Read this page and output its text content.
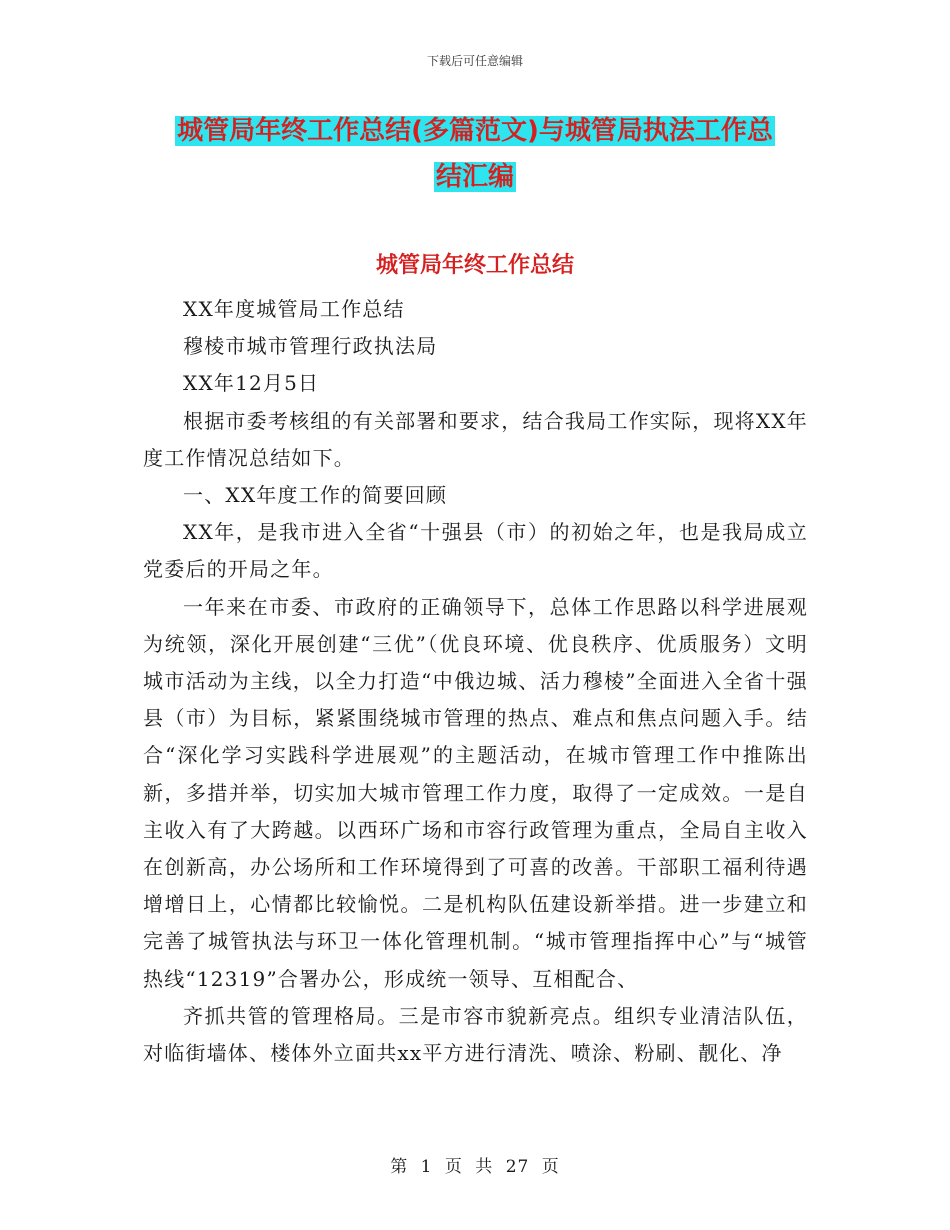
下载后可任意编辑
城管局年终工作总结(多篇范文)与城管局执法工作总
结汇编
城管局年终工作总结

XX年度城管局工作总结

穆棱市城市管理行政执法局

XX年12月5日

根据市委考核组的有关部署和要求，结合我局工作实际，现将XX年度工作情况总结如下。

一、XX年度工作的简要回顾

XX年，是我市进入全省“十强县（市）的初始之年，也是我局成立党委后的开局之年。

一年来在市委、市政府的正确领导下，总体工作思路以科学进展观为统领，深化开展创建“三优”（优良环境、优良秩序、优质服务）文明城市活动为主线，以全力打造“中俄边城、活力穆棱”全面进入全省十强县（市）为目标，紧紧围绕城市管理的热点、难点和焦点问题入手。结合“深化学习实践科学进展观”的主题活动，在城市管理工作中推陈出新，多措并举，切实加大城市管理工作力度，取得了一定成效。一是自主收入有了大跨越。以西环广场和市容行政管理为重点，全局自主收入在创新高，办公场所和工作环境得到了可喜的改善。干部职工福利待遇增增日上，心情都比较愉悦。二是机构队伍建设新举措。进一步建立和完善了城管执法与环卫一体化管理机制。“城市管理指挥中心”与“城管热线“12319”合署办公，形成统一领导、互相配合、

齐抓共管的管理格局。三是市容市貌新亮点。组织专业清洁队伍，对临街墙体、楼体外立面共xx平方进行清洗、喷涂、粉刷、靓化、净

第 1 页 共 27 页
